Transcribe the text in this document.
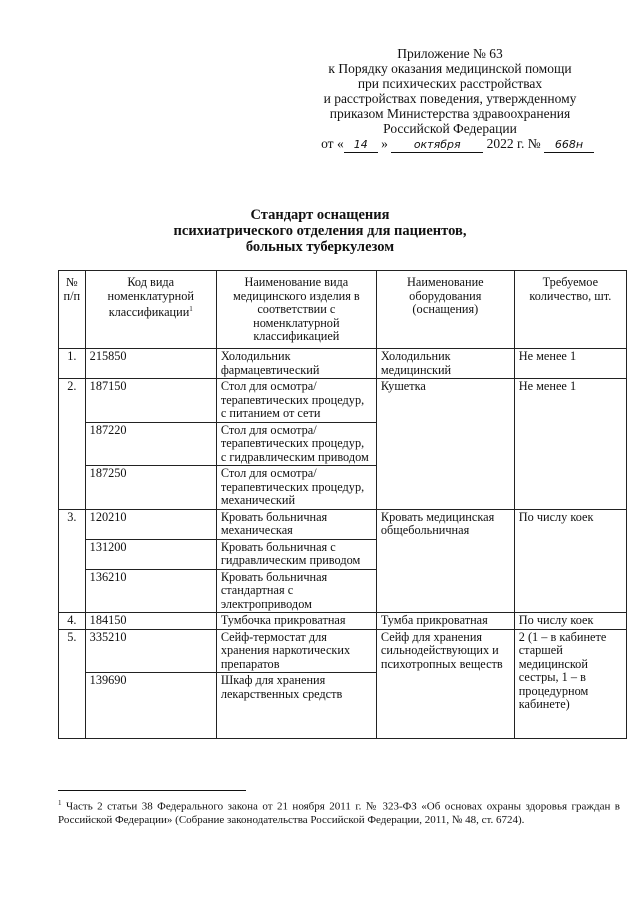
Приложение № 63
к Порядку оказания медицинской помощи
при психических расстройствах
и расстройствах поведения, утвержденному
приказом Министерства здравоохранения
Российской Федерации
от « 14 » октября 2022 г. № 668н
Стандарт оснащения
психиатрического отделения для пациентов,
больных туберкулезом
№ п/п	Код вида номенклатурной классификации$^1$	Наименование вида медицинского изделия в соответствии с номенклатурной классификацией	Наименование оборудования (оснащения)	Требуемое количество, шт.
1.	215850	Холодильник фармацевтический	Холодильник медицинский	Не менее 1
2.	187150	Стол для осмотра/терапевтических процедур, с питанием от сети	Кушетка	Не менее 1
	187220	Стол для осмотра/терапевтических процедур, с гидравлическим приводом		
	187250	Стол для осмотра/терапевтических процедур, механический		
3.	120210	Кровать больничная механическая	Кровать медицинская общебольничная	По числу коек
	131200	Кровать больничная с гидравлическим приводом		
	136210	Кровать больничная стандартная с электроприводом		
4.	184150	Тумбочка прикроватная	Тумба прикроватная	По числу коек
5.	335210	Сейф-термостат для хранения наркотических препаратов	Сейф для хранения сильнодействующих и психотропных веществ	2 (1 – в кабинете старшей медицинской сестры, 1 – в процедурном кабинете)
	139690	Шкаф для хранения лекарственных средств		
$^1$ Часть 2 статьи 38 Федерального закона от 21 ноября 2011 г. № 323-ФЗ «Об основах охраны здоровья граждан в Российской Федерации» (Собрание законодательства Российской Федерации, 2011, № 48, ст. 6724).
